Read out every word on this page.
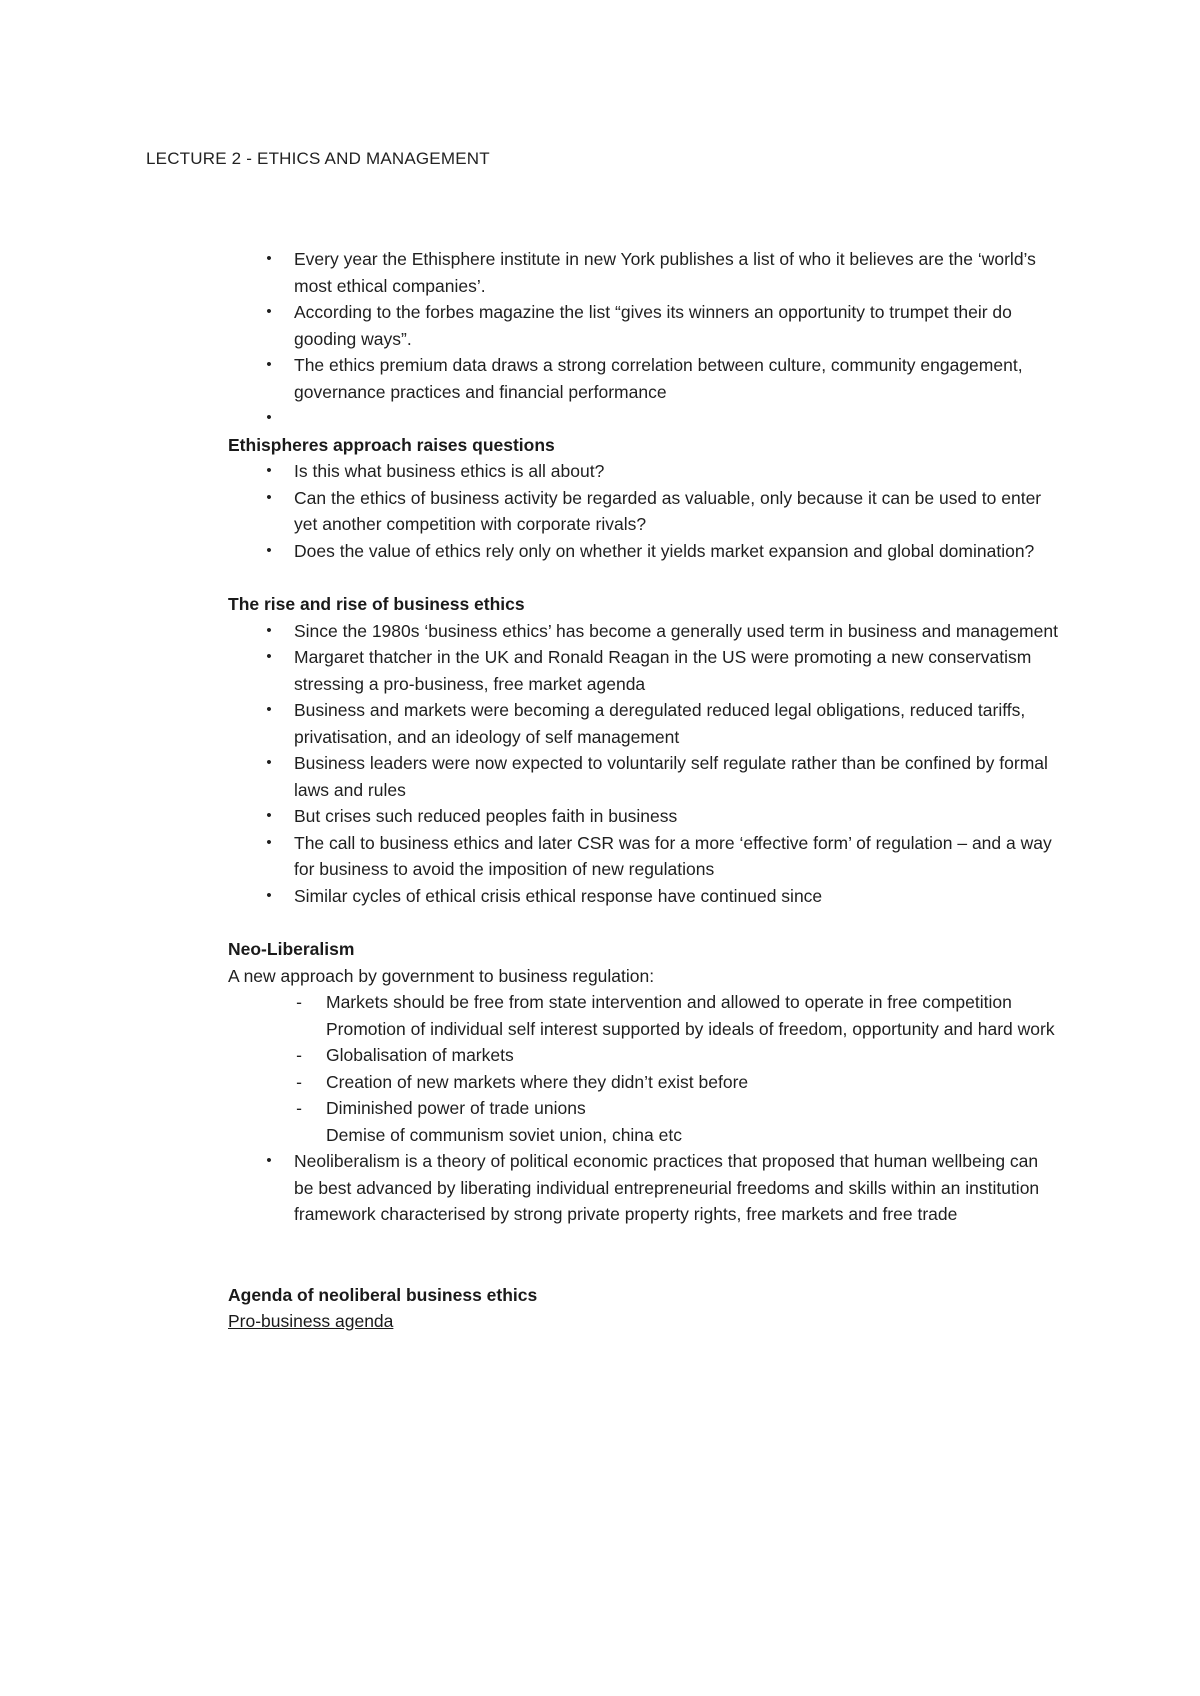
LECTURE 2 - ETHICS AND MANAGEMENT
• Every year the Ethisphere institute in new York publishes a list of who it believes are the ‘world’s most ethical companies’.
• According to the forbes magazine the list “gives its winners an opportunity to trumpet their do gooding ways”.
• The ethics premium data draws a strong correlation between culture, community engagement, governance practices and financial performance
•

Ethispheres approach raises questions

• Is this what business ethics is all about?
• Can the ethics of business activity be regarded as valuable, only because it can be used to enter yet another competition with corporate rivals?
• Does the value of ethics rely only on whether it yields market expansion and global domination?

The rise and rise of business ethics

• Since the 1980s ‘business ethics’ has become a generally used term in business and management
• Margaret thatcher in the UK and Ronald Reagan in the US were promoting a new conservatism stressing a pro-business, free market agenda
• Business and markets were becoming a deregulated reduced legal obligations, reduced tariffs, privatisation, and an ideology of self management
• Business leaders were now expected to voluntarily self regulate rather than be confined by formal laws and rules
• But crises such reduced peoples faith in business
• The call to business ethics and later CSR was for a more ‘effective form’ of regulation – and a way for business to avoid the imposition of new regulations
• Similar cycles of ethical crisis ethical response have continued since

Neo-Liberalism

A new approach by government to business regulation:

- Markets should be free from state intervention and allowed to operate in free competition
Promotion of individual self interest supported by ideals of freedom, opportunity and hard work
- Globalisation of markets
- Creation of new markets where they didn’t exist before
- Diminished power of trade unions
Demise of communism soviet union, china etc
• Neoliberalism is a theory of political economic practices that proposed that human wellbeing can be best advanced by liberating individual entrepreneurial freedoms and skills within an institution framework characterised by strong private property rights, free markets and free trade

Agenda of neoliberal business ethics

Pro-business agenda
